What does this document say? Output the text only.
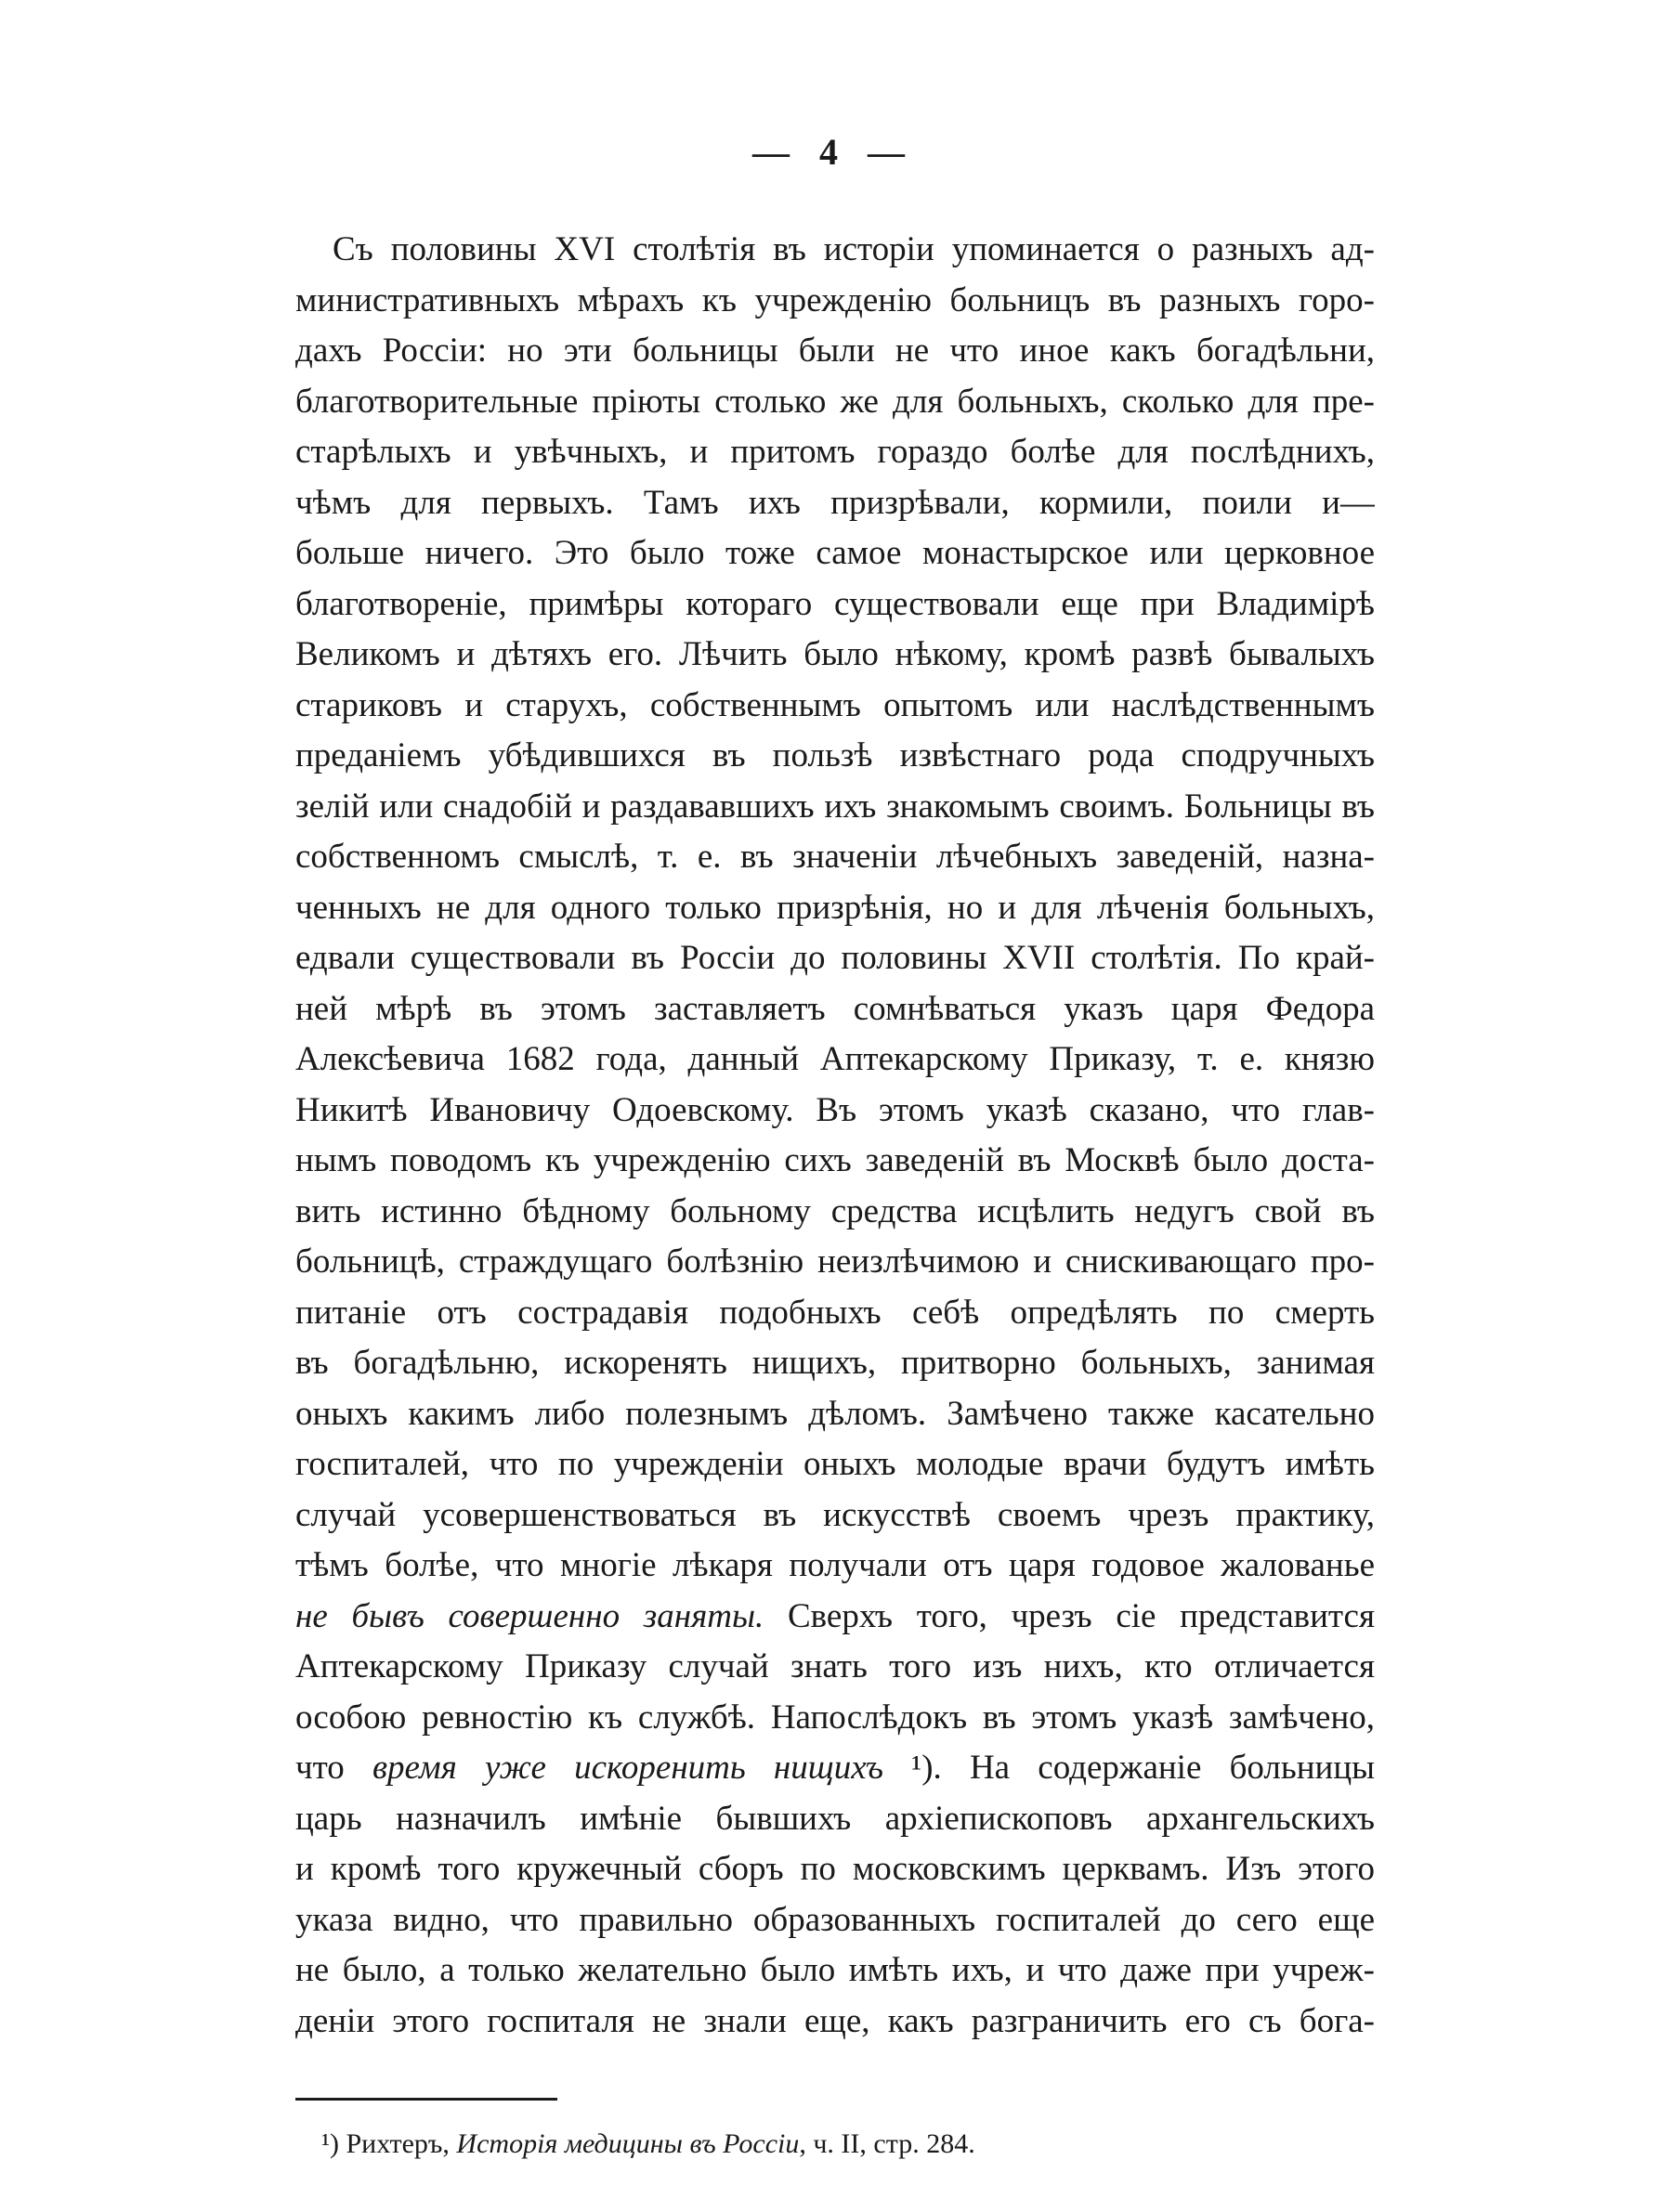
— 4 —
Съ половины XVI столѣтія въ исторіи упоминается о разныхъ ад-
министративныхъ мѣрахъ къ учрежденію больницъ въ разныхъ горо-
дахъ Россіи: но эти больницы были не что иное какъ богадѣльни,
благотворительные пріюты столько же для больныхъ, сколько для пре-
старѣлыхъ и увѣчныхъ, и притомъ гораздо болѣе для послѣднихъ,
чѣмъ для первыхъ. Тамъ ихъ призрѣвали, кормили, поили и—
больше ничего. Это было тоже самое монастырское или церковное
благотвореніе, примѣры котораго существовали еще при Владимірѣ
Великомъ и дѣтяхъ его. Лѣчить было нѣкому, кромѣ развѣ бывалыхъ
стариковъ и старухъ, собственнымъ опытомъ или наслѣдственнымъ
преданіемъ убѣдившихся въ пользѣ извѣстнаго рода сподручныхъ
зелій или снадобій и раздававшихъ ихъ знакомымъ своимъ. Больницы въ
собственномъ смыслѣ, т. е. въ значеніи лѣчебныхъ заведеній, назна-
ченныхъ не для одного только призрѣнія, но и для лѣченія больныхъ,
едвали существовали въ Россіи до половины XVII столѣтія. По край-
ней мѣрѣ въ этомъ заставляетъ сомнѣваться указъ царя Федора
Алексѣевича 1682 года, данный Аптекарскому Приказу, т. е. князю
Никитѣ Ивановичу Одоевскому. Въ этомъ указѣ сказано, что глав-
нымъ поводомъ къ учрежденію сихъ заведеній въ Москвѣ было доста-
вить истинно бѣдному больному средства исцѣлить недугъ свой въ
больницѣ, страждущаго болѣзнію неизлѣчимою и снискивающаго про-
питаніе отъ сострадавія подобныхъ себѣ опредѣлять по смерть
въ богадѣльню, искоренять нищихъ, притворно больныхъ, занимая
оныхъ какимъ либо полезнымъ дѣломъ. Замѣчено также касательно
госпиталей, что по учрежденіи оныхъ молодые врачи будутъ имѣть
случай усовершенствоваться въ искусствѣ своемъ чрезъ практику,
тѣмъ болѣе, что многіе лѣкаря получали отъ царя годовое жалованье
не бывъ совершенно заняты. Сверхъ того, чрезъ сіе представится
Аптекарскому Приказу случай знать того изъ нихъ, кто отличается
особою ревностію къ службѣ. Напослѣдокъ въ этомъ указѣ замѣчено,
что время уже искоренить нищихъ ¹). На содержаніе больницы
царь назначилъ имѣніе бывшихъ архіепископовъ архангельскихъ
и кромѣ того кружечный сборъ по московскимъ церквамъ. Изъ этого
указа видно, что правильно образованныхъ госпиталей до сего еще
не было, а только желательно было имѣть ихъ, и что даже при учреж-
деніи этого госпиталя не знали еще, какъ разграничить его съ бога-
¹) Рихтеръ, Исторія медицины въ Россіи, ч. II, стр. 284.
